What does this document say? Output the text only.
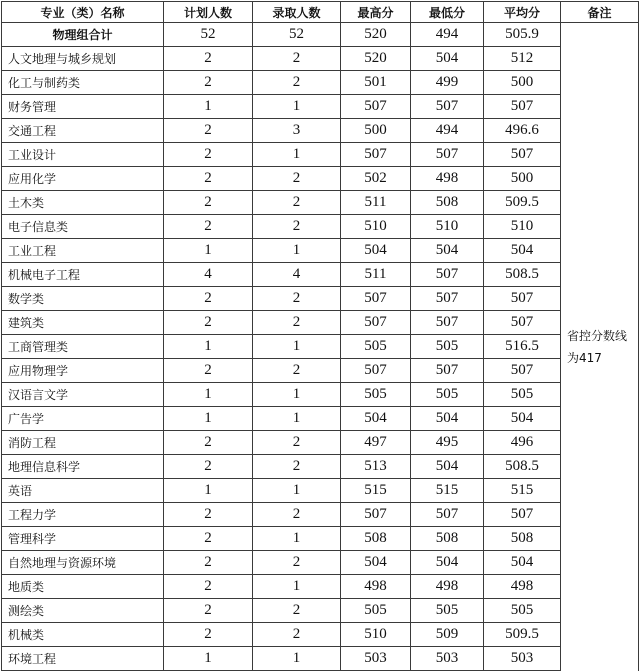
专业（类）名称	计划人数	录取人数	最高分	最低分	平均分	备注
物理组合计	52	52	520	494	505.9	省控分数线为417
人文地理与城乡规划	2	2	520	504	512	
化工与制药类	2	2	501	499	500	
财务管理	1	1	507	507	507	
交通工程	2	3	500	494	496.6	
工业设计	2	1	507	507	507	
应用化学	2	2	502	498	500	
土木类	2	2	511	508	509.5	
电子信息类	2	2	510	510	510	
工业工程	1	1	504	504	504	
机械电子工程	4	4	511	507	508.5	
数学类	2	2	507	507	507	
建筑类	2	2	507	507	507	
工商管理类	1	1	505	505	516.5	
应用物理学	2	2	507	507	507	
汉语言文学	1	1	505	505	505	
广告学	1	1	504	504	504	
消防工程	2	2	497	495	496	
地理信息科学	2	2	513	504	508.5	
英语	1	1	515	515	515	
工程力学	2	2	507	507	507	
管理科学	2	1	508	508	508	
自然地理与资源环境	2	2	504	504	504	
地质类	2	1	498	498	498	
测绘类	2	2	505	505	505	
机械类	2	2	510	509	509.5	
环境工程	1	1	503	503	503	
